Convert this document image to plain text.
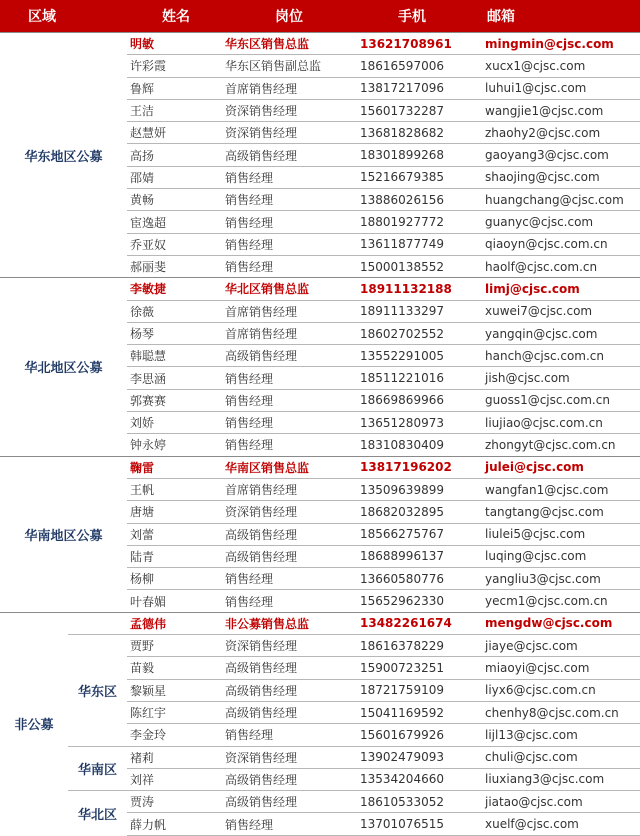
区域		姓名	岗位	手机	邮箱
华东地区公募		明敏	华东区销售总监	13621708961	mingmin@cjsc.com
		许彩霞	华东区销售副总监	18616597006	xucx1@cjsc.com
		鲁辉	首席销售经理	13817217096	luhui1@cjsc.com
		王洁	资深销售经理	15601732287	wangjie1@cjsc.com
		赵慧妍	资深销售经理	13681828682	zhaohy2@cjsc.com
		高扬	高级销售经理	18301899268	gaoyang3@cjsc.com
		邵婧	销售经理	15216679385	shaojing@cjsc.com
		黄畅	销售经理	13886026156	huangchang@cjsc.com
		宦逸超	销售经理	18801927772	guanyc@cjsc.com
		乔亚奴	销售经理	13611877749	qiaoyn@cjsc.com.cn
		郝丽斐	销售经理	15000138552	haolf@cjsc.com.cn
华北地区公募		李敏捷	华北区销售总监	18911132188	limj@cjsc.com
		徐薇	首席销售经理	18911133297	xuwei7@cjsc.com
		杨琴	首席销售经理	18602702552	yangqin@cjsc.com
		韩聪慧	高级销售经理	13552291005	hanch@cjsc.com.cn
		李思涵	销售经理	18511221016	jish@cjsc.com
		郭赛赛	销售经理	18669869966	guoss1@cjsc.com.cn
		刘娇	销售经理	13651280973	liujiao@cjsc.com.cn
		钟永婷	销售经理	18310830409	zhongyt@cjsc.com.cn
华南地区公募		鞠雷	华南区销售总监	13817196202	julei@cjsc.com
		王帆	首席销售经理	13509639899	wangfan1@cjsc.com
		唐塘	资深销售经理	18682032895	tangtang@cjsc.com
		刘蕾	高级销售经理	18566275767	liulei5@cjsc.com
		陆青	高级销售经理	18688996137	luqing@cjsc.com
		杨柳	销售经理	13660580776	yangliu3@cjsc.com
		叶春媚	销售经理	15652962330	yecm1@cjsc.com.cn
非公募		孟德伟	非公募销售总监	13482261674	mengdw@cjsc.com
	华东区	贾野	资深销售经理	18616378229	jiaye@cjsc.com
		苗毅	高级销售经理	15900723251	miaoyi@cjsc.com
		黎颖星	高级销售经理	18721759109	liyx6@cjsc.com.cn
		陈红宇	高级销售经理	15041169592	chenhy8@cjsc.com.cn
		李金玲	销售经理	15601679926	lijl13@cjsc.com
	华南区	褚莉	资深销售经理	13902479093	chuli@cjsc.com
		刘祥	高级销售经理	13534204660	liuxiang3@cjsc.com
	华北区	贾涛	高级销售经理	18610533052	jiatao@cjsc.com
		薛力帆	销售经理	13701076515	xuelf@cjsc.com
